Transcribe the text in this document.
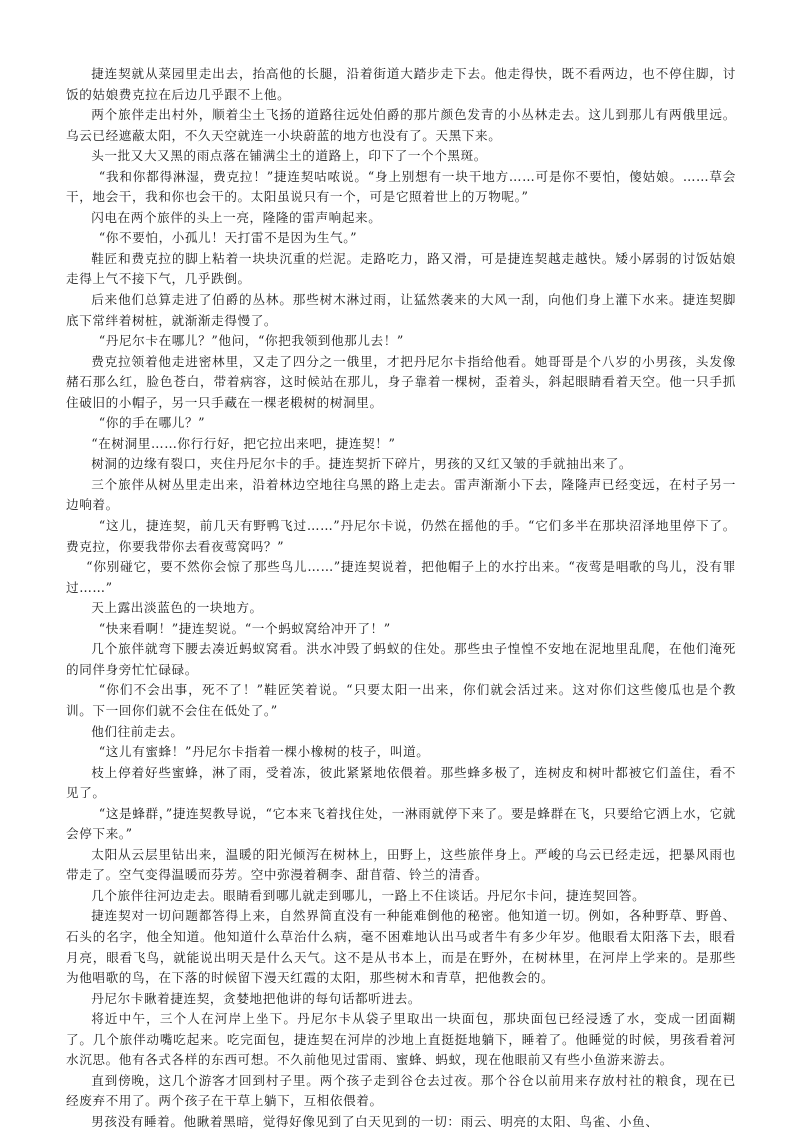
捷连契就从菜园里走出去，抬高他的长腿，沿着街道大踏步走下去。他走得快，既不看两边，也不停住脚，讨饭的姑娘费克拉在后边几乎跟不上他。

两个旅伴走出村外，顺着尘土飞扬的道路往远处伯爵的那片颜色发青的小丛林走去。这儿到那儿有两俄里远。乌云已经遮蔽太阳，不久天空就连一小块蔚蓝的地方也没有了。天黑下来。

头一批又大又黑的雨点落在铺满尘土的道路上，印下了一个个黑斑。

“我和你都得淋湿，费克拉！”捷连契咕哝说。“身上别想有一块干地方……可是你不要怕，傻姑娘。……草会干，地会干，我和你也会干的。太阳虽说只有一个，可是它照着世上的万物呢。”

闪电在两个旅伴的头上一亮，隆隆的雷声响起来。

“你不要怕，小孤儿！天打雷不是因为生气。”

鞋匠和费克拉的脚上粘着一块块沉重的烂泥。走路吃力，路又滑，可是捷连契越走越快。矮小孱弱的讨饭姑娘走得上气不接下气，几乎跌倒。

后来他们总算走进了伯爵的丛林。那些树木淋过雨，让猛然袭来的大风一刮，向他们身上灌下水来。捷连契脚底下常绊着树桩，就渐渐走得慢了。

“丹尼尔卡在哪儿？”他问，“你把我领到他那儿去！”

费克拉领着他走进密林里，又走了四分之一俄里，才把丹尼尔卡指给他看。她哥哥是个八岁的小男孩，头发像赭石那么红，脸色苍白，带着病容，这时候站在那儿，身子靠着一棵树，歪着头，斜起眼睛看着天空。他一只手抓住破旧的小帽子，另一只手藏在一棵老椴树的树洞里。

“你的手在哪儿？”

“在树洞里……你行行好，把它拉出来吧，捷连契！”

树洞的边缘有裂口，夹住丹尼尔卡的手。捷连契折下碎片，男孩的又红又皱的手就抽出来了。

三个旅伴从树丛里走出来，沿着林边空地往乌黑的路上走去。雷声渐渐小下去，隆隆声已经变远，在村子另一边响着。

“这儿，捷连契，前几天有野鸭飞过……”丹尼尔卡说，仍然在摇他的手。“它们多半在那块沼泽地里停下了。费克拉，你要我带你去看夜莺窝吗？”

“你别碰它，要不然你会惊了那些鸟儿……”捷连契说着，把他帽子上的水拧出来。“夜莺是唱歌的鸟儿，没有罪过……”

天上露出淡蓝色的一块地方。

“快来看啊！”捷连契说。“一个蚂蚁窝给冲开了！”

几个旅伴就弯下腰去凑近蚂蚁窝看。洪水冲毁了蚂蚁的住处。那些虫子惶惶不安地在泥地里乱爬，在他们淹死的同伴身旁忙忙碌碌。

“你们不会出事，死不了！”鞋匠笑着说。“只要太阳一出来，你们就会活过来。这对你们这些傻瓜也是个教训。下一回你们就不会住在低处了。”

他们往前走去。

“这儿有蜜蜂！”丹尼尔卡指着一棵小橡树的枝子，叫道。

枝上停着好些蜜蜂，淋了雨，受着冻，彼此紧紧地依偎着。那些蜂多极了，连树皮和树叶都被它们盖住，看不见了。

“这是蜂群，”捷连契教导说，“它本来飞着找住处，一淋雨就停下来了。要是蜂群在飞，只要给它洒上水，它就会停下来。”

太阳从云层里钻出来，温暖的阳光倾泻在树林上，田野上，这些旅伴身上。严峻的乌云已经走远，把暴风雨也带走了。空气变得温暖而芬芳。空中弥漫着稠李、甜苜蓿、铃兰的清香。

几个旅伴往河边走去。眼睛看到哪儿就走到哪儿，一路上不住谈话。丹尼尔卡问，捷连契回答。

捷连契对一切问题都答得上来，自然界简直没有一种能难倒他的秘密。他知道一切。例如，各种野草、野兽、石头的名字，他全知道。他知道什么草治什么病，毫不困难地认出马或者牛有多少年岁。他眼看太阳落下去，眼看月亮，眼看飞鸟，就能说出明天是什么天气。这不是从书本上，而是在野外，在树林里，在河岸上学来的。是那些为他唱歌的鸟，在下落的时候留下漫天红霞的太阳，那些树木和青草，把他教会的。

丹尼尔卡瞅着捷连契，贪婪地把他讲的每句话都听进去。

将近中午，三个人在河岸上坐下。丹尼尔卡从袋子里取出一块面包，那块面包已经浸透了水，变成一团面糊了。几个旅伴动嘴吃起来。吃完面包，捷连契在河岸的沙地上直挺挺地躺下，睡着了。他睡觉的时候，男孩看着河水沉思。他有各式各样的东西可想。不久前他见过雷雨、蜜蜂、蚂蚁，现在他眼前又有些小鱼游来游去。

直到傍晚，这几个游客才回到村子里。两个孩子走到谷仓去过夜。那个谷仓以前用来存放村社的粮食，现在已经废弃不用了。两个孩子在干草上躺下，互相依偎着。

男孩没有睡着。他瞅着黑暗，觉得好像见到了白天见到的一切：雨云、明亮的太阳、鸟雀、小鱼、
